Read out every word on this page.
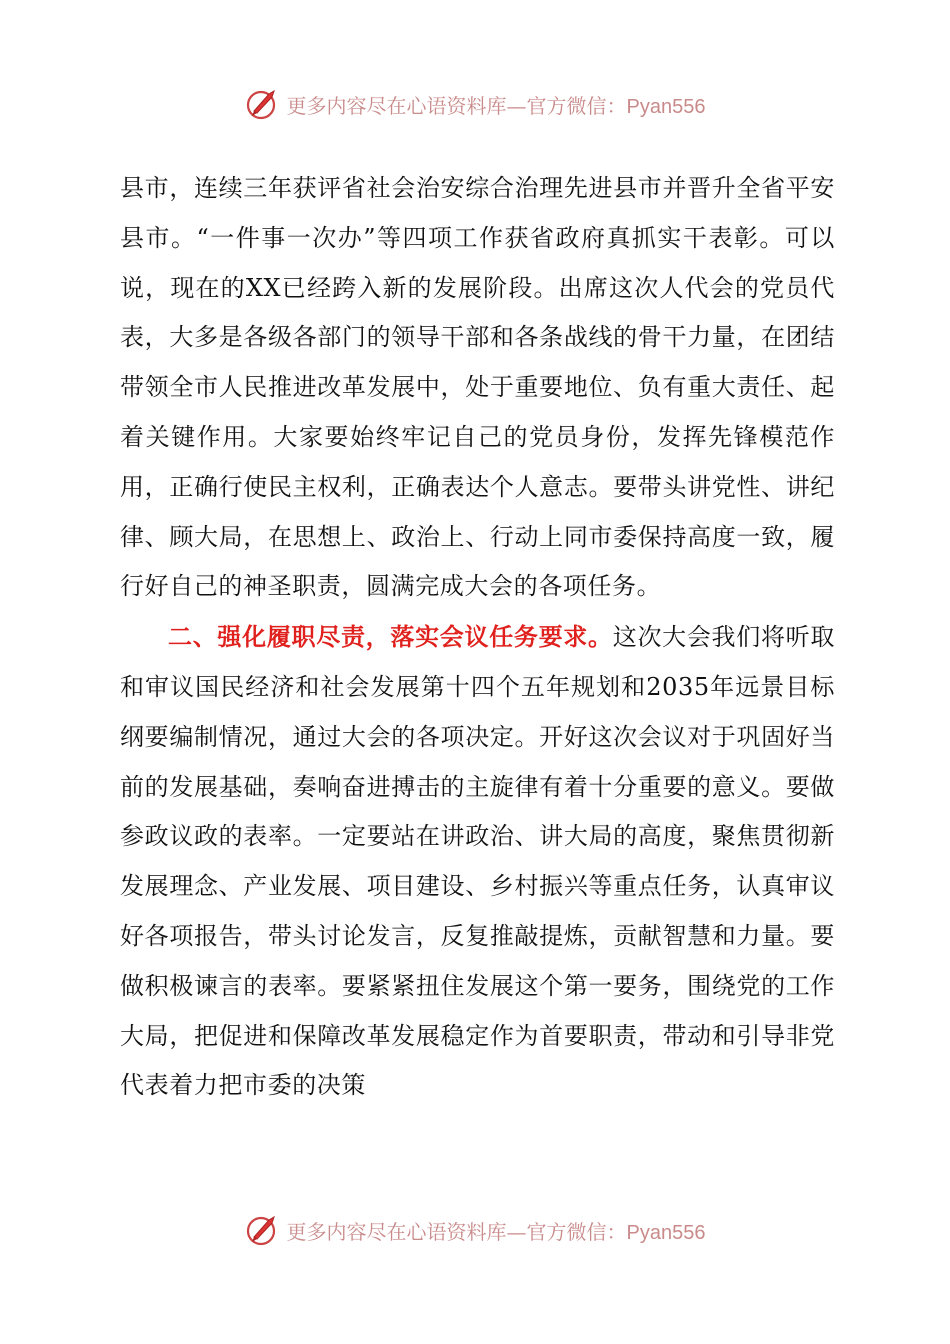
更多内容尽在心语资料库—官方微信：Pyan556

县市，连续三年获评省社会治安综合治理先进县市并晋升全省平安县市。“一件事一次办”等四项工作获省政府真抓实干表彰。可以说，现在的XX已经跨入新的发展阶段。出席这次人代会的党员代表，大多是各级各部门的领导干部和各条战线的骨干力量，在团结带领全市人民推进改革发展中，处于重要地位、负有重大责任、起着关键作用。大家要始终牢记自己的党员身份，发挥先锋模范作用，正确行使民主权利，正确表达个人意志。要带头讲党性、讲纪律、顾大局，在思想上、政治上、行动上同市委保持高度一致，履行好自己的神圣职责，圆满完成大会的各项任务。

二、强化履职尽责，落实会议任务要求。这次大会我们将听取和审议国民经济和社会发展第十四个五年规划和2035年远景目标纲要编制情况，通过大会的各项决定。开好这次会议对于巩固好当前的发展基础，奏响奋进搏击的主旋律有着十分重要的意义。要做参政议政的表率。一定要站在讲政治、讲大局的高度，聚焦贯彻新发展理念、产业发展、项目建设、乡村振兴等重点任务，认真审议好各项报告，带头讨论发言，反复推敲提炼，贡献智慧和力量。要做积极谏言的表率。要紧紧扭住发展这个第一要务，围绕党的工作大局，把促进和保障改革发展稳定作为首要职责，带动和引导非党代表着力把市委的决策

更多内容尽在心语资料库—官方微信：Pyan556
